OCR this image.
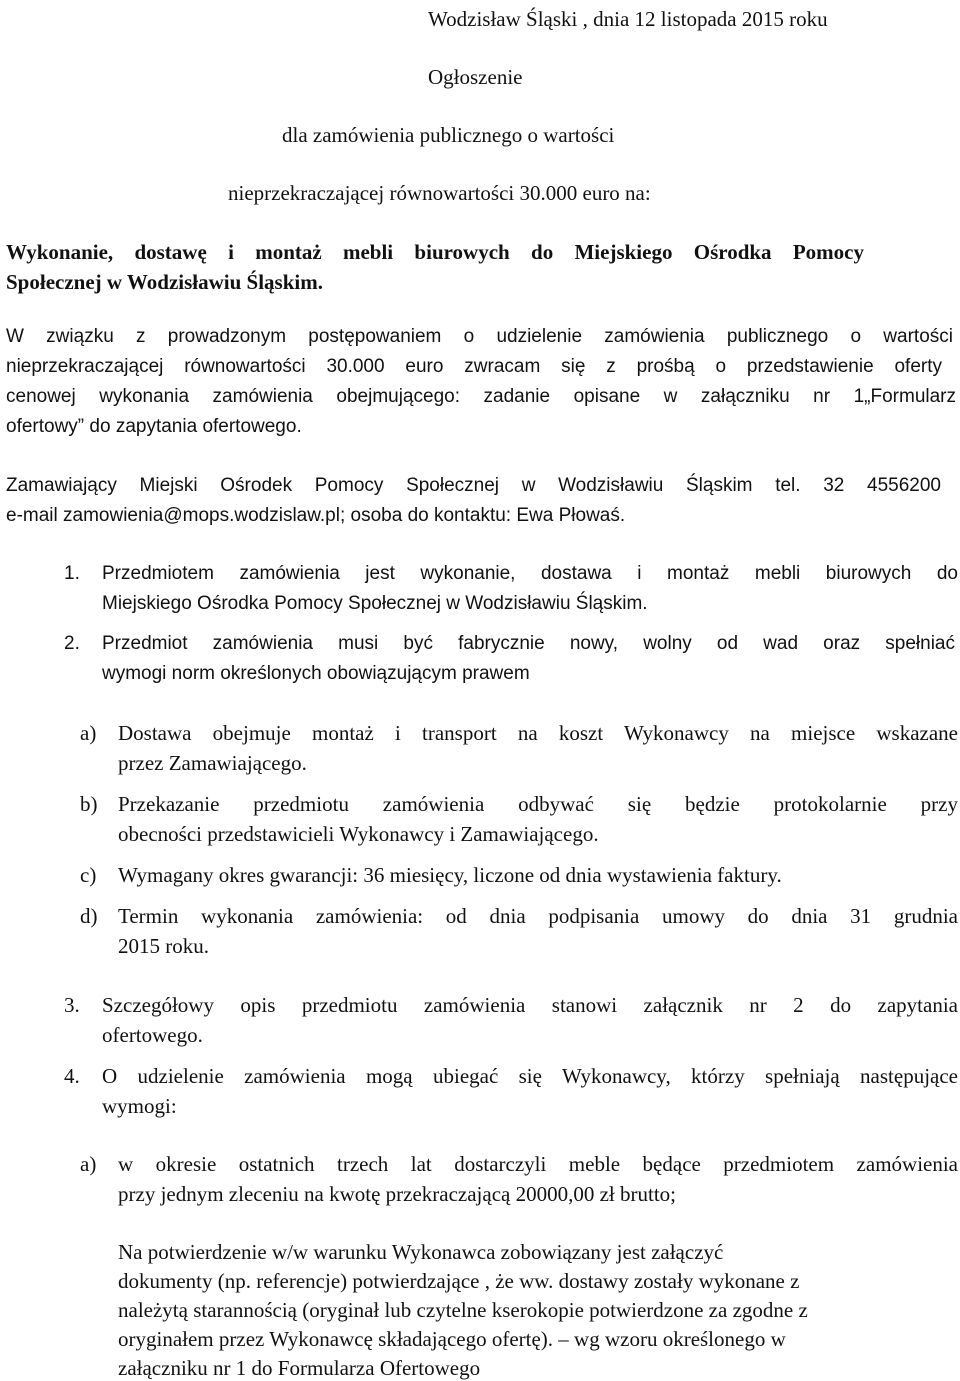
Wodzisław Śląski , dnia 12 listopada 2015 roku
Ogłoszenie
dla zamówienia publicznego o wartości
nieprzekraczającej równowartości 30.000 euro na:
Wykonanie, dostawę i montaż mebli biurowych do Miejskiego Ośrodka Pomocy
Społecznej w Wodzisławiu Śląskim.
W związku z prowadzonym postępowaniem o udzielenie zamówienia publicznego o wartości
nieprzekraczającej równowartości 30.000 euro zwracam się z prośbą o przedstawienie oferty
cenowej wykonania zamówienia obejmującego: zadanie opisane w załączniku nr 1„Formularz
ofertowy” do zapytania ofertowego.
Zamawiający Miejski Ośrodek Pomocy Społecznej w Wodzisławiu Śląskim tel. 32 4556200
e-mail zamowienia@mops.wodzislaw.pl; osoba do kontaktu: Ewa Płowaś.
1. Przedmiotem zamówienia jest wykonanie, dostawa i montaż mebli biurowych do
Miejskiego Ośrodka Pomocy Społecznej w Wodzisławiu Śląskim.
2. Przedmiot zamówienia musi być fabrycznie nowy, wolny od wad oraz spełniać
wymogi norm określonych obowiązującym prawem
a) Dostawa obejmuje montaż i transport na koszt Wykonawcy na miejsce wskazane
przez Zamawiającego.
b) Przekazanie przedmiotu zamówienia odbywać się będzie protokolarnie przy
obecności przedstawicieli Wykonawcy i Zamawiającego.
c) Wymagany okres gwarancji: 36 miesięcy, liczone od dnia wystawienia faktury.
d) Termin wykonania zamówienia: od dnia podpisania umowy do dnia 31 grudnia
2015 roku.
3. Szczegółowy opis przedmiotu zamówienia stanowi załącznik nr 2 do zapytania
ofertowego.
4. O udzielenie zamówienia mogą ubiegać się Wykonawcy, którzy spełniają następujące
wymogi:
a) w okresie ostatnich trzech lat dostarczyli meble będące przedmiotem zamówienia
przy jednym zleceniu na kwotę przekraczającą 20000,00 zł brutto;
Na potwierdzenie w/w warunku Wykonawca zobowiązany jest załączyć
dokumenty (np. referencje) potwierdzające , że ww. dostawy zostały wykonane z
należytą starannością (oryginał lub czytelne kserokopie potwierdzone za zgodne z
oryginałem przez Wykonawcę składającego ofertę). – wg wzoru określonego w
załączniku nr 1 do Formularza Ofertowego
